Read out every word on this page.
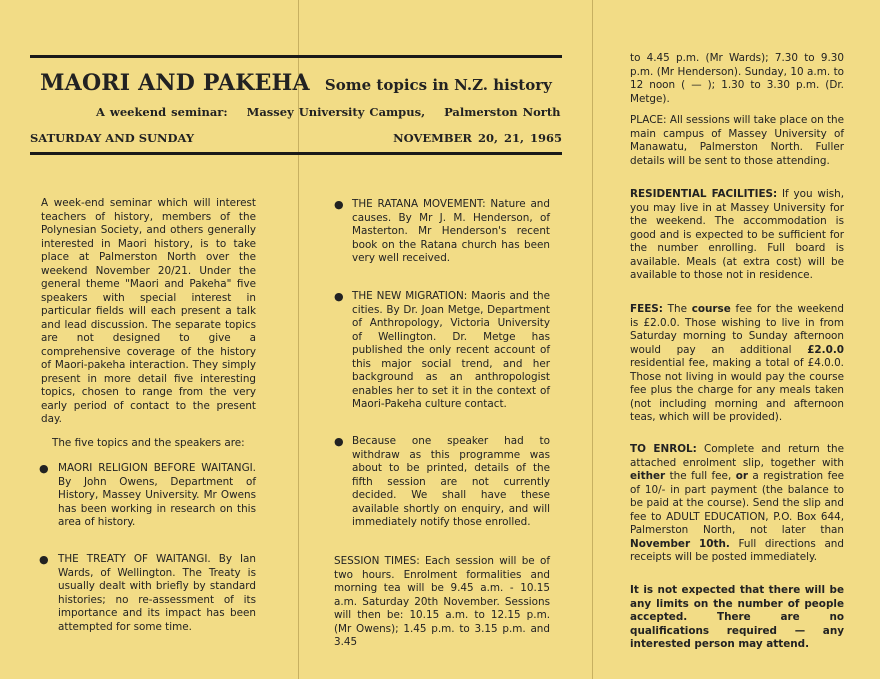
MAORI AND PAKEHA Some topics in N.Z. history
A weekend seminar: Massey University Campus, Palmerston North
SATURDAY AND SUNDAY	NOVEMBER 20, 21, 1965
A week-end seminar which will interest teachers of history, members of the Polynesian Society, and others generally interested in Maori history, is to take place at Palmerston North over the weekend November 20/21. Under the general theme "Maori and Pakeha" five speakers with special interest in particular fields will each present a talk and lead discussion. The separate topics are not designed to give a comprehensive coverage of the history of Maori-pakeha interaction. They simply present in more detail five interesting topics, chosen to range from the very early period of contact to the present day.
The five topics and the speakers are:
● MAORI RELIGION BEFORE WAITANGI. By John Owens, Department of History, Massey University. Mr Owens has been working in research on this area of history.
● THE TREATY OF WAITANGI. By Ian Wards, of Wellington. The Treaty is usually dealt with briefly by standard histories; no re-assessment of its importance and its impact has been attempted for some time.
● THE RATANA MOVEMENT: Nature and causes. By Mr J. M. Henderson, of Masterton. Mr Henderson's recent book on the Ratana church has been very well received.
● THE NEW MIGRATION: Maoris and the cities. By Dr. Joan Metge, Department of Anthropology, Victoria University of Wellington. Dr. Metge has published the only recent account of this major social trend, and her background as an anthropologist enables her to set it in the context of Maori-Pakeha culture contact.
● Because one speaker had to withdraw as this programme was about to be printed, details of the fifth session are not currently decided. We shall have these available shortly on enquiry, and will immediately notify those enrolled.
SESSION TIMES: Each session will be of two hours. Enrolment formalities and morning tea will be 9.45 a.m. - 10.15 a.m. Saturday 20th November. Sessions will then be: 10.15 a.m. to 12.15 p.m. (Mr Owens); 1.45 p.m. to 3.15 p.m. and 3.45
to 4.45 p.m. (Mr Wards); 7.30 to 9.30 p.m. (Mr Henderson). Sunday, 10 a.m. to 12 noon ( — ); 1.30 to 3.30 p.m. (Dr. Metge).
PLACE: All sessions will take place on the main campus of Massey University of Manawatu, Palmerston North. Fuller details will be sent to those attending.
RESIDENTIAL FACILITIES: If you wish, you may live in at Massey University for the weekend. The accommodation is good and is expected to be sufficient for the number enrolling. Full board is available. Meals (at extra cost) will be available to those not in residence.
FEES: The course fee for the weekend is £2.0.0. Those wishing to live in from Saturday morning to Sunday afternoon would pay an additional £2.0.0 residential fee, making a total of £4.0.0. Those not living in would pay the course fee plus the charge for any meals taken (not including morning and afternoon teas, which will be provided).
TO ENROL: Complete and return the attached enrolment slip, together with either the full fee, or a registration fee of 10/- in part payment (the balance to be paid at the course). Send the slip and fee to ADULT EDUCATION, P.O. Box 644, Palmerston North, not later than November 10th. Full directions and receipts will be posted immediately.
It is not expected that there will be any limits on the number of people accepted. There are no qualifications required — any interested person may attend.
